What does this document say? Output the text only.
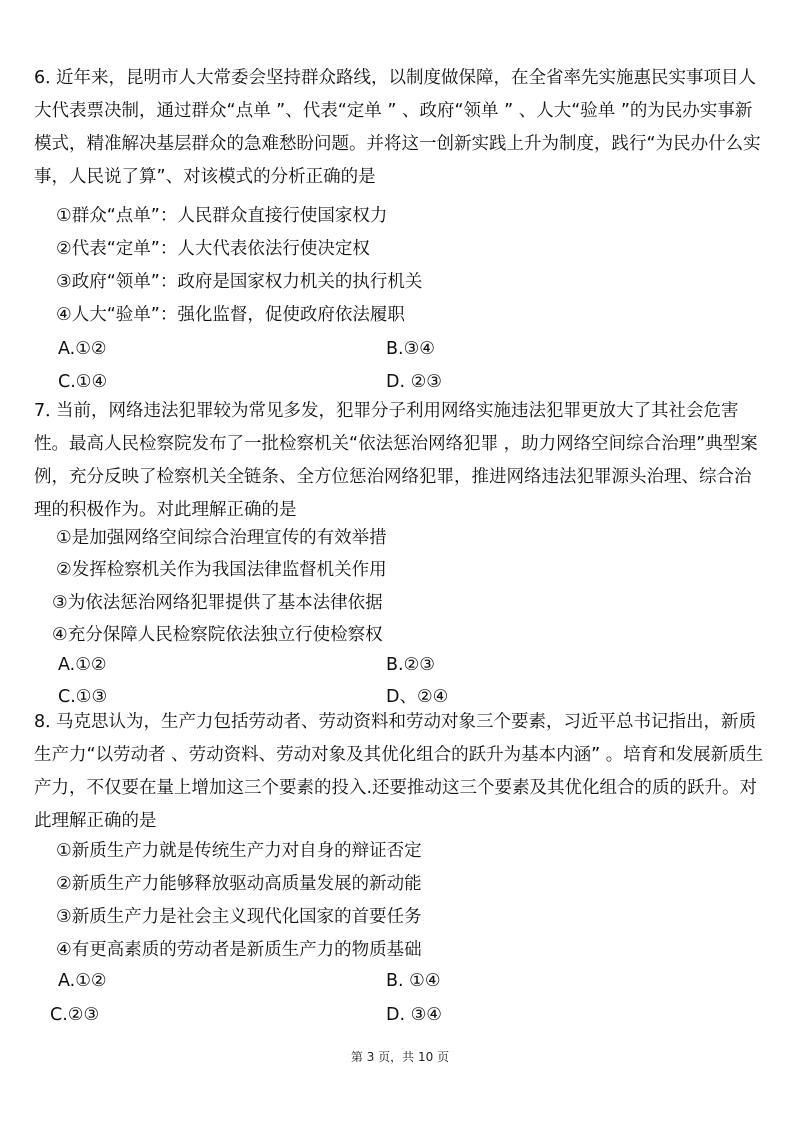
6．近年来，昆明市人大常委会坚持群众路线，以制度做保障，在全省率先实施惠民实事项目人大代表票决制，通过群众“点单 ”、代表“定单 ” 、政府“领单 ” 、人大“验单 ”的为民办实事新模式，精准解决基层群众的急难愁盼问题。并将这一创新实践上升为制度，践行“为民办什么实事，人民说了算”、对该模式的分析正确的是

①群众“点单”：人民群众直接行使国家权力

②代表“定单”：人大代表依法行使决定权

③政府“领单”：政府是国家权力机关的执行机关

④人大“验单”：强化监督，促使政府依法履职

A.①②	B.③④

C.①④	D. ②③

7．当前，网络违法犯罪较为常见多发，犯罪分子利用网络实施违法犯罪更放大了其社会危害性。最高人民检察院发布了一批检察机关“依法惩治网络犯罪 ，助力网络空间综合治理”典型案例，充分反映了检察机关全链条、全方位惩治网络犯罪，推进网络违法犯罪源头治理、综合治理的积极作为。对此理解正确的是

①是加强网络空间综合治理宣传的有效举措

②发挥检察机关作为我国法律监督机关作用

③为依法惩治网络犯罪提供了基本法律依据

④充分保障人民检察院依法独立行使检察权

A.①②	B.②③

C.①③	D、②④

8．马克思认为，生产力包括劳动者、劳动资料和劳动对象三个要素，习近平总书记指出，新质生产力“以劳动者 、劳动资料、劳动对象及其优化组合的跃升为基本内涵” 。培育和发展新质生产力，不仅要在量上增加这三个要素的投入.还要推动这三个要素及其优化组合的质的跃升。对此理解正确的是

①新质生产力就是传统生产力对自身的辩证否定

②新质生产力能够释放驱动高质量发展的新动能

③新质生产力是社会主义现代化国家的首要任务

④有更高素质的劳动者是新质生产力的物质基础

A.①②	B. ①④

C.②③	D. ③④

第 3 页，共 10 页
